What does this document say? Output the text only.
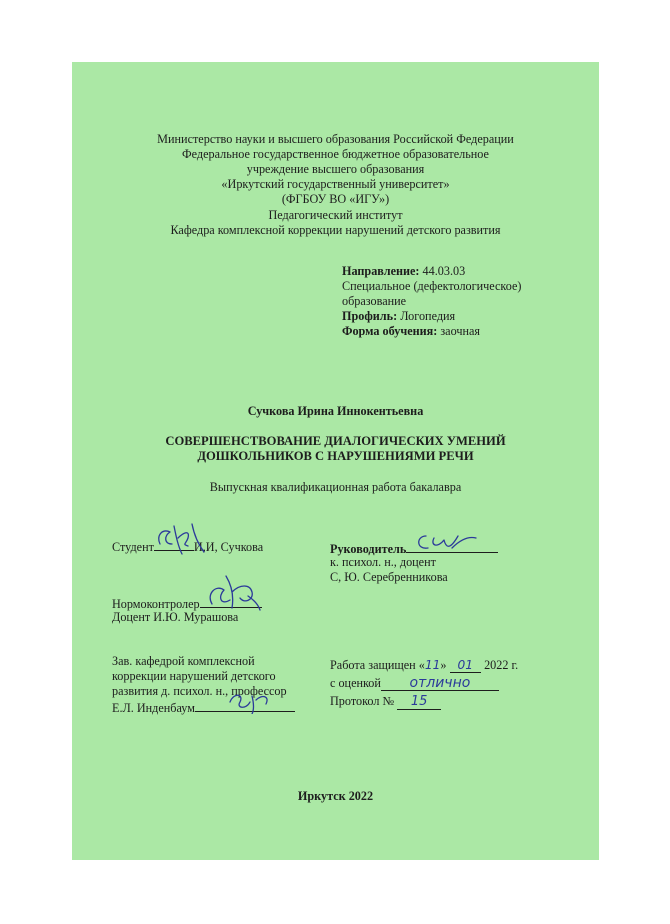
Министерство науки и высшего образования Российской Федерации
Федеральное государственное бюджетное образовательное
учреждение высшего образования
«Иркутский государственный университет»
(ФГБОУ ВО «ИГУ»)
Педагогический институт
Кафедра комплексной коррекции нарушений детского развития
Направление: 44.03.03
Специальное (дефектологическое)
образование
Профиль: Логопедия
Форма обучения: заочная
Сучкова Ирина Иннокентьевна
СОВЕРШЕНСТВОВАНИЕ ДИАЛОГИЧЕСКИХ УМЕНИЙ
ДОШКОЛЬНИКОВ С НАРУШЕНИЯМИ РЕЧИ
Выпускная квалификационная работа бакалавра
Студент	И,И, Сучкова	Руководитель
к. психол. н., доцент
С, Ю. Серебренникова
Нормоконтролер
Доцент И.Ю. Мурашова
Зав. кафедрой комплексной
коррекции нарушений детского
развития д. психол. н., профессор
Е.Л. Инденбаум
Работа защищен «11» 01 2022 г.
с оценкой отлично
Протокол № 15
Иркутск 2022
